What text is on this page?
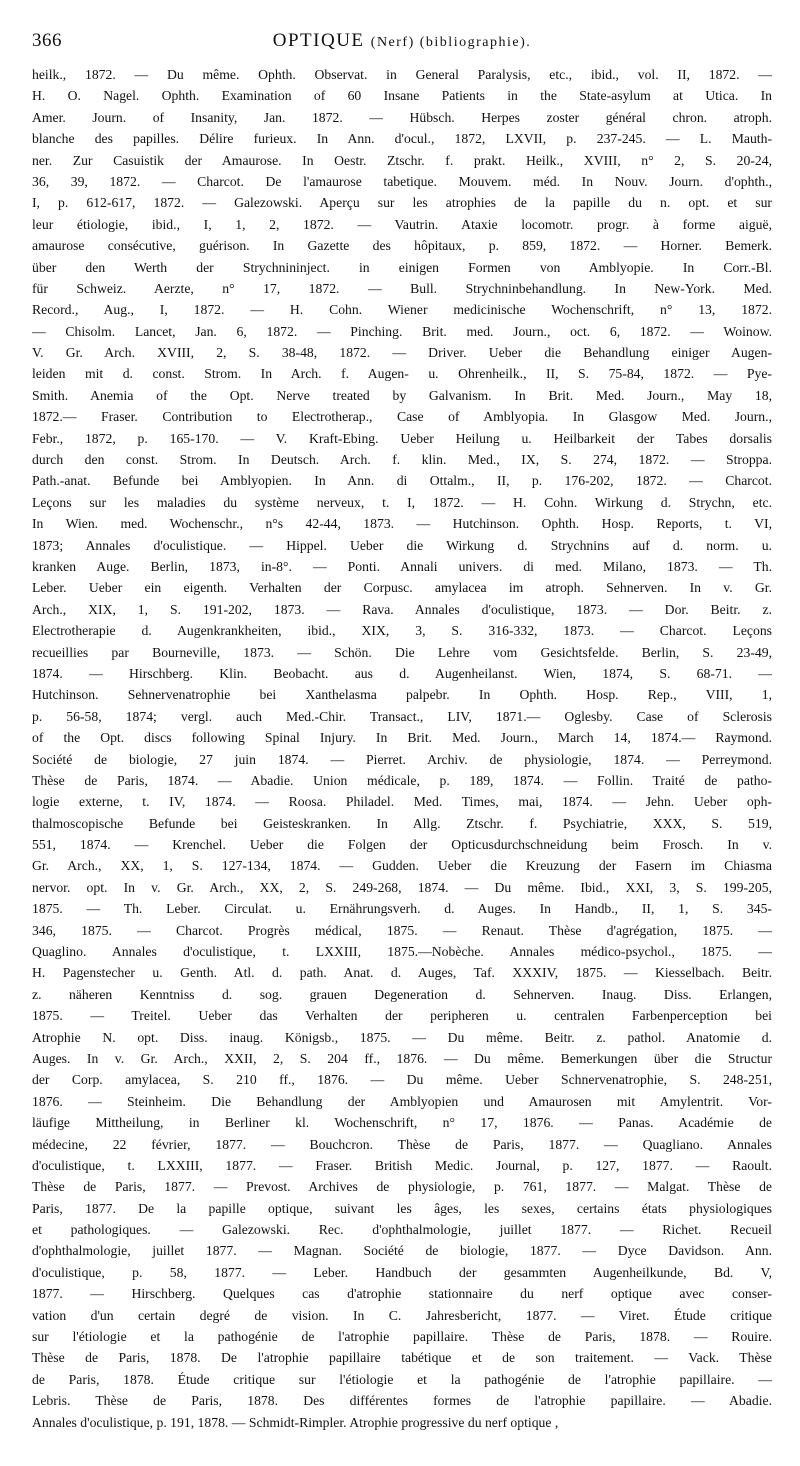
366	OPTIQUE (Nerf) (bibliographie).
heilk., 1872. — Du même. Ophth. Observat. in General Paralysis, etc., ibid., vol. II, 1872. —
H. O. Nagel. Ophth. Examination of 60 Insane Patients in the State-asylum at Utica. In
Amer. Journ. of Insanity, Jan. 1872. — Hübsch. Herpes zoster général chron. atroph.
blanche des papilles. Délire furieux. In Ann. d'ocul., 1872, LXVII, p. 237-245. — L. Mauth-
ner. Zur Casuistik der Amaurose. In Oestr. Ztschr. f. prakt. Heilk., XVIII, n° 2, S. 20-24,
36, 39, 1872. — Charcot. De l'amaurose tabetique. Mouvem. méd. In Nouv. Journ. d'ophth.,
I, p. 612-617, 1872. — Galezowski. Aperçu sur les atrophies de la papille du n. opt. et sur
leur étiologie, ibid., I, 1, 2, 1872. — Vautrin. Ataxie locomotr. progr. à forme aiguë,
amaurose consécutive, guérison. In Gazette des hôpitaux, p. 859, 1872. — Horner. Bemerk.
über den Werth der Strychnininject. in einigen Formen von Amblyopie. In Corr.-Bl.
für Schweiz. Aerzte, n° 17, 1872. — Bull. Strychninbehandlung. In New-York. Med.
Record., Aug., I, 1872. — H. Cohn. Wiener medicinische Wochenschrift, n° 13, 1872.
— Chisolm. Lancet, Jan. 6, 1872. — Pinching. Brit. med. Journ., oct. 6, 1872. — Woinow.
V. Gr. Arch. XVIII, 2, S. 38-48, 1872. — Driver. Ueber die Behandlung einiger Augen-
leiden mit d. const. Strom. In Arch. f. Augen- u. Ohrenheilk., II, S. 75-84, 1872. — Pye-
Smith. Anemia of the Opt. Nerve treated by Galvanism. In Brit. Med. Journ., May 18,
1872.— Fraser. Contribution to Electrotherap., Case of Amblyopia. In Glasgow Med. Journ.,
Febr., 1872, p. 165-170. — V. Kraft-Ebing. Ueber Heilung u. Heilbarkeit der Tabes dorsalis
durch den const. Strom. In Deutsch. Arch. f. klin. Med., IX, S. 274, 1872. — Stroppa.
Path.-anat. Befunde bei Amblyopien. In Ann. di Ottalm., II, p. 176-202, 1872. — Charcot.
Leçons sur les maladies du système nerveux, t. I, 1872. — H. Cohn. Wirkung d. Strychn, etc.
In Wien. med. Wochenschr., n°s 42-44, 1873. — Hutchinson. Ophth. Hosp. Reports, t. VI,
1873; Annales d'oculistique. — Hippel. Ueber die Wirkung d. Strychnins auf d. norm. u.
kranken Auge. Berlin, 1873, in-8°. — Ponti. Annali univers. di med. Milano, 1873. — Th.
Leber. Ueber ein eigenth. Verhalten der Corpusc. amylacea im atroph. Sehnerven. In v. Gr.
Arch., XIX, 1, S. 191-202, 1873. — Rava. Annales d'oculistique, 1873. — Dor. Beitr. z.
Electrotherapie d. Augenkrankheiten, ibid., XIX, 3, S. 316-332, 1873. — Charcot. Leçons
recueillies par Bourneville, 1873. — Schön. Die Lehre vom Gesichtsfelde. Berlin, S. 23-49,
1874. — Hirschberg. Klin. Beobacht. aus d. Augenheilanst. Wien, 1874, S. 68-71. —
Hutchinson. Sehnervenatrophie bei Xanthelasma palpebr. In Ophth. Hosp. Rep., VIII, 1,
p. 56-58, 1874; vergl. auch Med.-Chir. Transact., LIV, 1871.— Oglesby. Case of Sclerosis
of the Opt. discs following Spinal Injury. In Brit. Med. Journ., March 14, 1874.— Raymond.
Société de biologie, 27 juin 1874. — Pierret. Archiv. de physiologie, 1874. — Perreymond.
Thèse de Paris, 1874. — Abadie. Union médicale, p. 189, 1874. — Follin. Traité de patho-
logie externe, t. IV, 1874. — Roosa. Philadel. Med. Times, mai, 1874. — Jehn. Ueber oph-
thalmoscopische Befunde bei Geisteskranken. In Allg. Ztschr. f. Psychiatrie, XXX, S. 519,
551, 1874. — Krenchel. Ueber die Folgen der Opticusdurchschneidung beim Frosch. In v.
Gr. Arch., XX, 1, S. 127-134, 1874. — Gudden. Ueber die Kreuzung der Fasern im Chiasma
nervor. opt. In v. Gr. Arch., XX, 2, S. 249-268, 1874. — Du même. Ibid., XXI, 3, S. 199-205,
1875. — Th. Leber. Circulat. u. Ernährungsverh. d. Auges. In Handb., II, 1, S. 345-
346, 1875. — Charcot. Progrès médical, 1875. — Renaut. Thèse d'agrégation, 1875. —
Quaglino. Annales d'oculistique, t. LXXIII, 1875.—Nobèche. Annales médico-psychol., 1875. —
H. Pagenstecher u. Genth. Atl. d. path. Anat. d. Auges, Taf. XXXIV, 1875. — Kiesselbach. Beitr.
z. näheren Kenntniss d. sog. grauen Degeneration d. Sehnerven. Inaug. Diss. Erlangen,
1875. — Treitel. Ueber das Verhalten der peripheren u. centralen Farbenperception bei
Atrophie N. opt. Diss. inaug. Königsb., 1875. — Du même. Beitr. z. pathol. Anatomie d.
Auges. In v. Gr. Arch., XXII, 2, S. 204 ff., 1876. — Du même. Bemerkungen über die Structur
der Corp. amylacea, S. 210 ff., 1876. — Du même. Ueber Schnervenatrophie, S. 248-251,
1876. — Steinheim. Die Behandlung der Amblyopien und Amaurosen mit Amylentrit. Vor-
läufige Mittheilung, in Berliner kl. Wochenschrift, n° 17, 1876. — Panas. Académie de
médecine, 22 février, 1877. — Bouchcron. Thèse de Paris, 1877. — Quagliano. Annales
d'oculistique, t. LXXIII, 1877. — Fraser. British Medic. Journal, p. 127, 1877. — Raoult.
Thèse de Paris, 1877. — Prevost. Archives de physiologie, p. 761, 1877. — Malgat. Thèse de
Paris, 1877. De la papille optique, suivant les âges, les sexes, certains états physiologiques
et pathologiques. — Galezowski. Rec. d'ophthalmologie, juillet 1877. — Richet. Recueil
d'ophthalmologie, juillet 1877. — Magnan. Société de biologie, 1877. — Dyce Davidson. Ann.
d'oculistique, p. 58, 1877. — Leber. Handbuch der gesammten Augenheilkunde, Bd. V,
1877. — Hirschberg. Quelques cas d'atrophie stationnaire du nerf optique avec conser-
vation d'un certain degré de vision. In C. Jahresbericht, 1877. — Viret. Étude critique
sur l'étiologie et la pathogénie de l'atrophie papillaire. Thèse de Paris, 1878. — Rouire.
Thèse de Paris, 1878. De l'atrophie papillaire tabétique et de son traitement. — Vack. Thèse
de Paris, 1878. Étude critique sur l'étiologie et la pathogénie de l'atrophie papillaire. —
Lebris. Thèse de Paris, 1878. Des différentes formes de l'atrophie papillaire. — Abadie.
Annales d'oculistique, p. 191, 1878. — Schmidt-Rimpler. Atrophie progressive du nerf optique ,
